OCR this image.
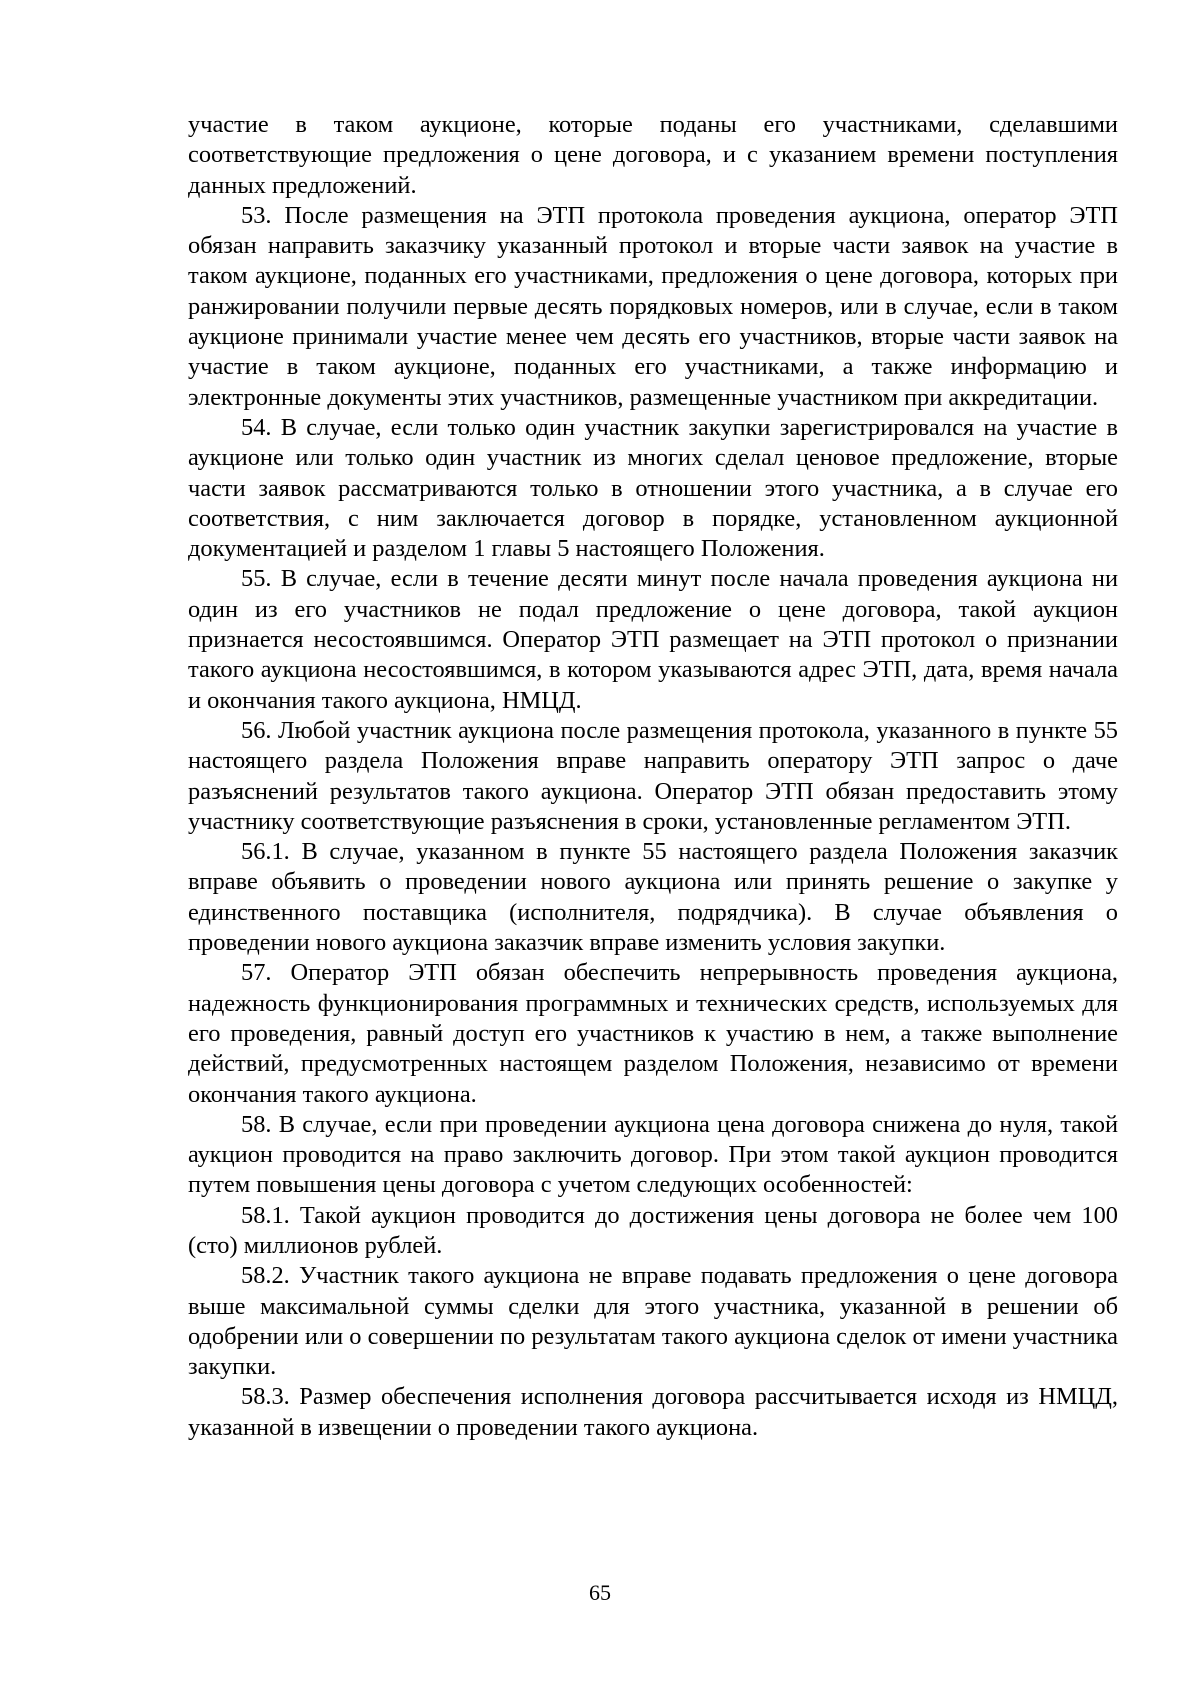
участие в таком аукционе, которые поданы его участниками, сделавшими соответствующие предложения о цене договора, и с указанием времени поступления данных предложений.

53. После размещения на ЭТП протокола проведения аукциона, оператор ЭТП обязан направить заказчику указанный протокол и вторые части заявок на участие в таком аукционе, поданных его участниками, предложения о цене договора, которых при ранжировании получили первые десять порядковых номеров, или в случае, если в таком аукционе принимали участие менее чем десять его участников, вторые части заявок на участие в таком аукционе, поданных его участниками, а также информацию и электронные документы этих участников, размещенные участником при аккредитации.

54. В случае, если только один участник закупки зарегистрировался на участие в аукционе или только один участник из многих сделал ценовое предложение, вторые части заявок рассматриваются только в отношении этого участника, а в случае его соответствия, с ним заключается договор в порядке, установленном аукционной документацией и разделом 1 главы 5 настоящего Положения.

55. В случае, если в течение десяти минут после начала проведения аукциона ни один из его участников не подал предложение о цене договора, такой аукцион признается несостоявшимся. Оператор ЭТП размещает на ЭТП протокол о признании такого аукциона несостоявшимся, в котором указываются адрес ЭТП, дата, время начала и окончания такого аукциона, НМЦД.

56. Любой участник аукциона после размещения протокола, указанного в пункте 55 настоящего раздела Положения вправе направить оператору ЭТП запрос о даче разъяснений результатов такого аукциона. Оператор ЭТП обязан предоставить этому участнику соответствующие разъяснения в сроки, установленные регламентом ЭТП.

56.1. В случае, указанном в пункте 55 настоящего раздела Положения заказчик вправе объявить о проведении нового аукциона или принять решение о закупке у единственного поставщика (исполнителя, подрядчика). В случае объявления о проведении нового аукциона заказчик вправе изменить условия закупки.

57. Оператор ЭТП обязан обеспечить непрерывность проведения аукциона, надежность функционирования программных и технических средств, используемых для его проведения, равный доступ его участников к участию в нем, а также выполнение действий, предусмотренных настоящем разделом Положения, независимо от времени окончания такого аукциона.

58. В случае, если при проведении аукциона цена договора снижена до нуля, такой аукцион проводится на право заключить договор. При этом такой аукцион проводится путем повышения цены договора с учетом следующих особенностей:

58.1. Такой аукцион проводится до достижения цены договора не более чем 100 (сто) миллионов рублей.

58.2. Участник такого аукциона не вправе подавать предложения о цене договора выше максимальной суммы сделки для этого участника, указанной в решении об одобрении или о совершении по результатам такого аукциона сделок от имени участника закупки.

58.3. Размер обеспечения исполнения договора рассчитывается исходя из НМЦД, указанной в извещении о проведении такого аукциона.

65
